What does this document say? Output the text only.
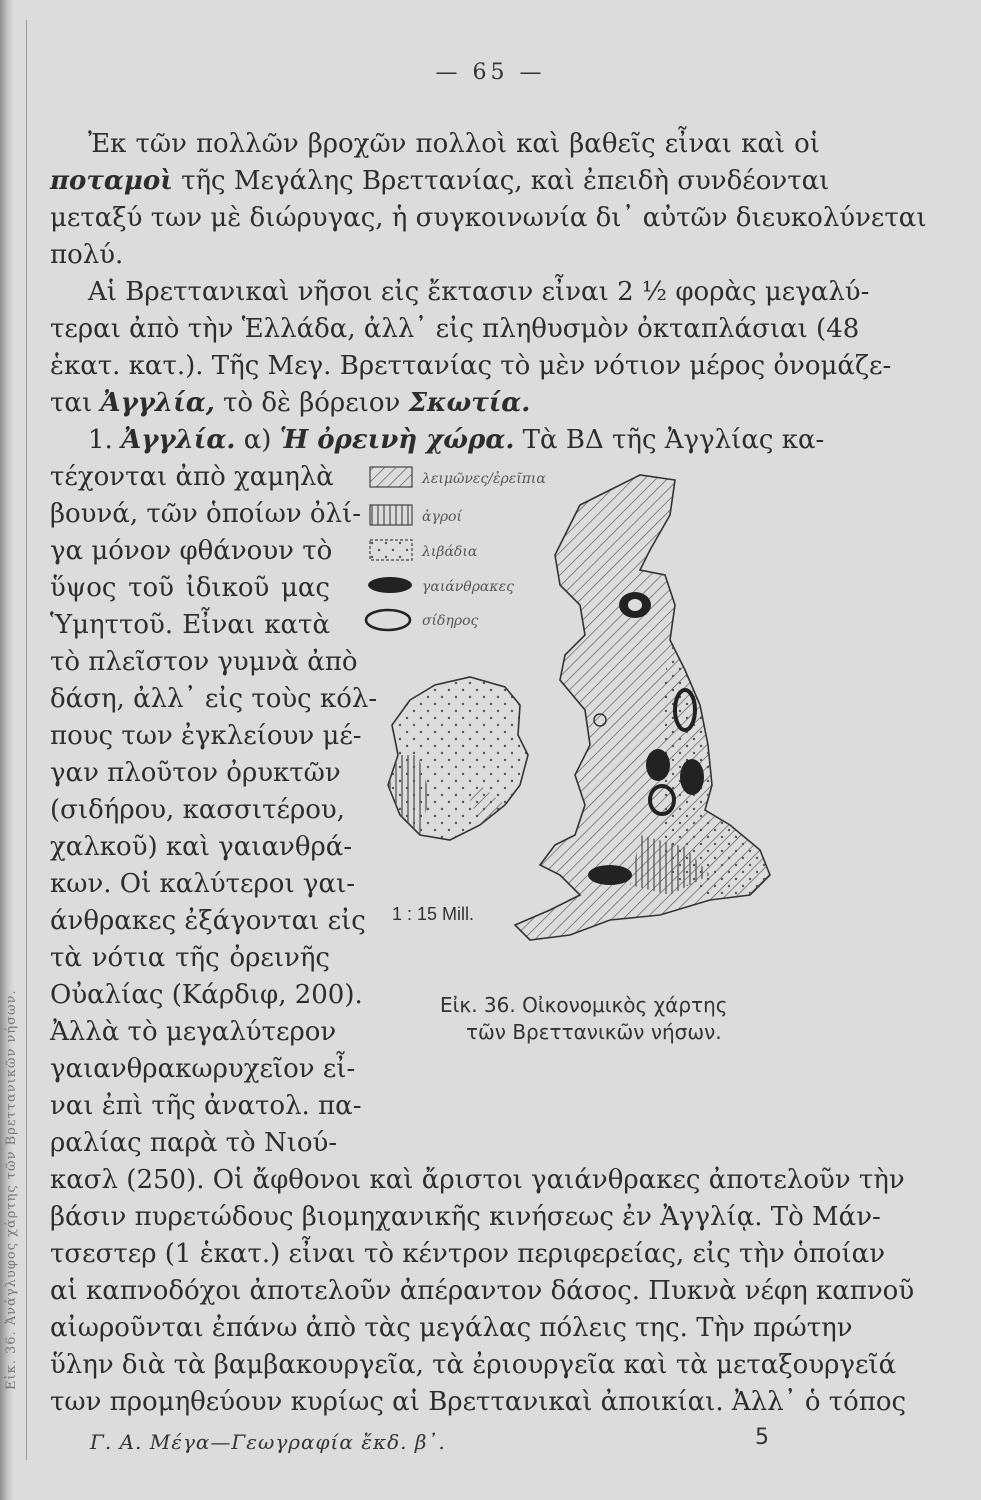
Εἰκ. 36. Ἀνάγλυφος χάρτης τῶν Βρεττανικῶν νήσων.
— 65 —
Ἐκ τῶν πολλῶν βροχῶν πολλοὶ καὶ βαθεῖς εἶναι καὶ οἱ
ποταμοὶ τῆς Μεγάλης Βρεττανίας, καὶ ἐπειδὴ συνδέονται
μεταξύ των μὲ διώρυγας, ἡ συγκοινωνία δι᾿ αὐτῶν διευκολύνεται
πολύ.
Αἱ Βρεττανικαὶ νῆσοι εἰς ἔκτασιν εἶναι 2 ½ φορὰς μεγαλύ-
τεραι ἀπὸ τὴν Ἑλλάδα, ἀλλ᾿ εἰς πληθυσμὸν ὀκταπλάσιαι (48
ἑκατ. κατ.). Τῆς Μεγ. Βρεττανίας τὸ μὲν νότιον μέρος ὀνομάζε-
ται Ἀγγλία, τὸ δὲ βόρειον Σκωτία.
1. Ἀγγλία. α) Ἡ ὀρεινὴ χώρα. Τὰ ΒΔ τῆς Ἀγγλίας κα-
τέχονται ἀπὸ χαμηλὰ
βουνά, τῶν ὁποίων ὀλί-
γα μόνον φθάνουν τὸ
ὕψος τοῦ ἰδικοῦ μας
Ὑμηττοῦ. Εἶναι κατὰ
τὸ πλεῖστον γυμνὰ ἀπὸ
δάση, ἀλλ᾿ εἰς τοὺς κόλ-
πους των ἐγκλείουν μέ-
γαν πλοῦτον ὀρυκτῶν
(σιδήρου, κασσιτέρου,
χαλκοῦ) καὶ γαιανθρά-
κων. Οἱ καλύτεροι γαι-
άνθρακες ἐξάγονται εἰς
τὰ νότια τῆς ὀρεινῆς
Οὐαλίας (Κάρδιφ, 200).
Ἀλλὰ τὸ μεγαλύτερον
γαιανθρακωρυχεῖον εἶ-
ναι ἐπὶ τῆς ἀνατολ. πα-
ραλίας παρὰ τὸ Νιού-
κασλ (250). Οἱ ἄφθονοι καὶ ἄριστοι γαιάνθρακες ἀποτελοῦν τὴν
βάσιν πυρετώδους βιομηχανικῆς κινήσεως ἐν Ἀγγλίᾳ. Τὸ Μάν-
τσεστερ (1 ἑκατ.) εἶναι τὸ κέντρον περιφερείας, εἰς τὴν ὁποίαν
αἱ καπνοδόχοι ἀποτελοῦν ἀπέραντον δάσος. Πυκνὰ νέφη καπνοῦ
αἰωροῦνται ἐπάνω ἀπὸ τὰς μεγάλας πόλεις της. Τὴν πρώτην
ὕλην διὰ τὰ βαμβακουργεῖα, τὰ ἐριουργεῖα καὶ τὰ μεταξουργεῖά
των προμηθεύουν κυρίως αἱ Βρεττανικαὶ ἀποικίαι. Ἀλλ᾿ ὁ τόπος
λειμῶνες/ἐρεῖπια
ἀγροί
λιβάδια
γαιάνθρακες
σίδηρος
1 : 15 Mill.
Εἰκ. 36. Οἰκονομικὸς χάρτης
τῶν Βρεττανικῶν νήσων.
Γ. Α. Μέγα—Γεωγραφία ἔκδ. β᾿.	5
